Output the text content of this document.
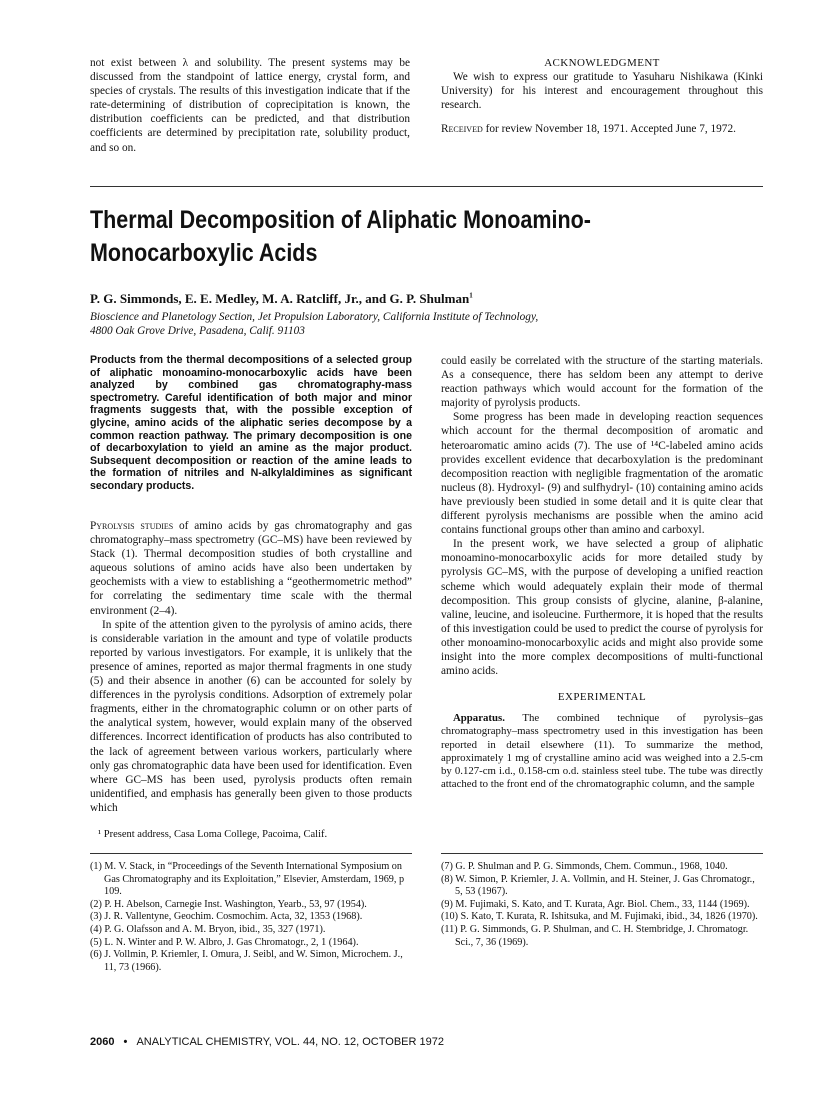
not exist between λ and solubility. The present systems may be discussed from the standpoint of lattice energy, crystal form, and species of crystals. The results of this investigation indicate that if the rate-determining of distribution of coprecipitation is known, the distribution coefficients can be predicted, and that distribution coefficients are determined by precipitation rate, solubility product, and so on.

ACKNOWLEDGMENT

We wish to express our gratitude to Yasuharu Nishikawa (Kinki University) for his interest and encouragement throughout this research.

Received for review November 18, 1971. Accepted June 7, 1972.

Thermal Decomposition of Aliphatic Monoamino-
Monocarboxylic Acids
P. G. Simmonds, E. E. Medley, M. A. Ratcliff, Jr., and G. P. Shulman$^1$
Bioscience and Planetology Section, Jet Propulsion Laboratory, California Institute of Technology,
4800 Oak Grove Drive, Pasadena, Calif. 91103
Products from the thermal decompositions of a selected group of aliphatic monoamino-monocarboxylic acids have been analyzed by combined gas chromatography-mass spectrometry. Careful identification of both major and minor fragments suggests that, with the possible exception of glycine, amino acids of the aliphatic series decompose by a common reaction pathway. The primary decomposition is one of decarboxylation to yield an amine as the major product. Subsequent decomposition or reaction of the amine leads to the formation of nitriles and N-alkylaldimines as significant secondary products.

Pyrolysis studies of amino acids by gas chromatography and gas chromatography–mass spectrometry (GC–MS) have been reviewed by Stack (1). Thermal decomposition studies of both crystalline and aqueous solutions of amino acids have also been undertaken by geochemists with a view to establishing a “geothermometric method” for correlating the sedimentary time scale with the thermal environment (2–4).

In spite of the attention given to the pyrolysis of amino acids, there is considerable variation in the amount and type of volatile products reported by various investigators. For example, it is unlikely that the presence of amines, reported as major thermal fragments in one study (5) and their absence in another (6) can be accounted for solely by differences in the pyrolysis conditions. Adsorption of extremely polar fragments, either in the chromatographic column or on other parts of the analytical system, however, would explain many of the observed differences. Incorrect identification of products has also contributed to the lack of agreement between various workers, particularly where only gas chromatographic data have been used for identification. Even where GC–MS has been used, pyrolysis products often remain unidentified, and emphasis has generally been given to those products which

¹ Present address, Casa Loma College, Pacoima, Calif.

could easily be correlated with the structure of the starting materials. As a consequence, there has seldom been any attempt to derive reaction pathways which would account for the formation of the majority of pyrolysis products.

Some progress has been made in developing reaction sequences which account for the thermal decomposition of aromatic and heteroaromatic amino acids (7). The use of ¹⁴C-labeled amino acids provides excellent evidence that decarboxylation is the predominant decomposition reaction with negligible fragmentation of the aromatic nucleus (8). Hydroxyl- (9) and sulfhydryl- (10) containing amino acids have previously been studied in some detail and it is quite clear that different pyrolysis mechanisms are possible when the amino acid contains functional groups other than amino and carboxyl.

In the present work, we have selected a group of aliphatic monoamino-monocarboxylic acids for more detailed study by pyrolysis GC–MS, with the purpose of developing a unified reaction scheme which would adequately explain their mode of thermal decomposition. This group consists of glycine, alanine, β-alanine, valine, leucine, and isoleucine. Furthermore, it is hoped that the results of this investigation could be used to predict the course of pyrolysis for other monoamino-monocarboxylic acids and might also provide some insight into the more complex decompositions of multi-functional amino acids.

EXPERIMENTAL

Apparatus. The combined technique of pyrolysis–gas chromatography–mass spectrometry used in this investigation has been reported in detail elsewhere (11). To summarize the method, approximately 1 mg of crystalline amino acid was weighed into a 2.5-cm by 0.127-cm i.d., 0.158-cm o.d. stainless steel tube. The tube was directly attached to the front end of the chromatographic column, and the sample

(1) M. V. Stack, in “Proceedings of the Seventh International Symposium on Gas Chromatography and its Exploitation,” Elsevier, Amsterdam, 1969, p 109.
(2) P. H. Abelson, Carnegie Inst. Washington, Yearb., 53, 97 (1954).
(3) J. R. Vallentyne, Geochim. Cosmochim. Acta, 32, 1353 (1968).
(4) P. G. Olafsson and A. M. Bryon, ibid., 35, 327 (1971).
(5) L. N. Winter and P. W. Albro, J. Gas Chromatogr., 2, 1 (1964).
(6) J. Vollmin, P. Kriemler, I. Omura, J. Seibl, and W. Simon, Microchem. J., 11, 73 (1966).
(7) G. P. Shulman and P. G. Simmonds, Chem. Commun., 1968, 1040.
(8) W. Simon, P. Kriemler, J. A. Vollmin, and H. Steiner, J. Gas Chromatogr., 5, 53 (1967).
(9) M. Fujimaki, S. Kato, and T. Kurata, Agr. Biol. Chem., 33, 1144 (1969).
(10) S. Kato, T. Kurata, R. Ishitsuka, and M. Fujimaki, ibid., 34, 1826 (1970).
(11) P. G. Simmonds, G. P. Shulman, and C. H. Stembridge, J. Chromatogr. Sci., 7, 36 (1969).
2060 • ANALYTICAL CHEMISTRY, VOL. 44, NO. 12, OCTOBER 1972
